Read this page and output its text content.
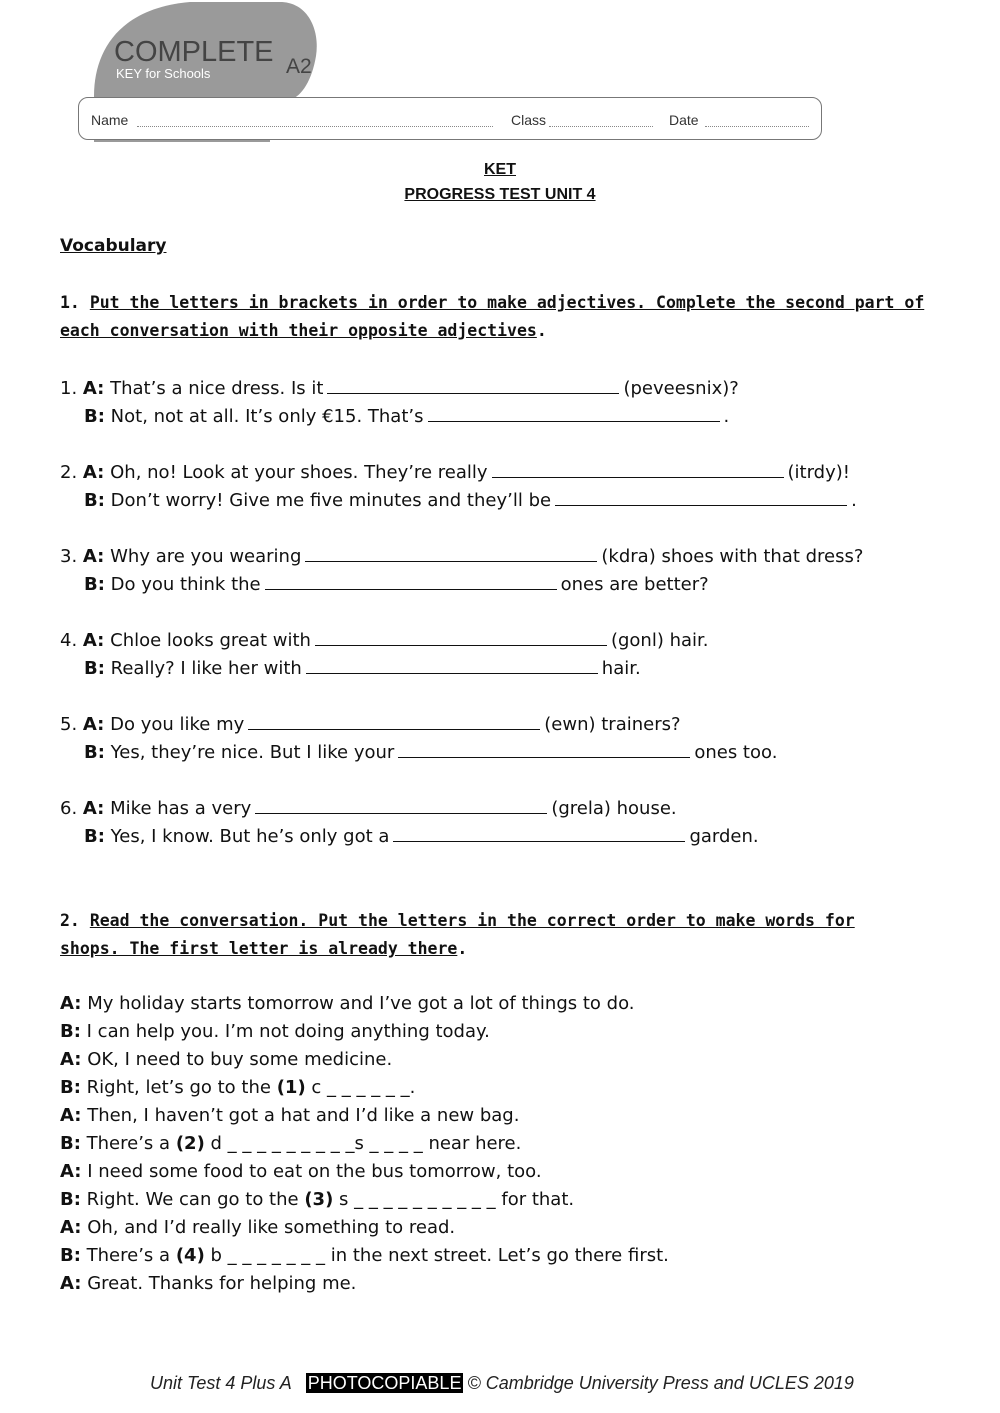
COMPLETE
KEY for Schools	A2
Name	Class	Date
KET
PROGRESS TEST UNIT 4
Vocabulary
1. Put the letters in brackets in order to make adjectives. Complete the second part of
each conversation with their opposite adjectives.
1. A: That’s a nice dress. Is it	(peveesnix)?
B: Not, not at all. It’s only €15. That’s	.
2. A: Oh, no! Look at your shoes. They’re really	(itrdy)!
B: Don’t worry! Give me five minutes and they’ll be	.
3. A: Why are you wearing	(kdra) shoes with that dress?
B: Do you think the	ones are better?
4. A: Chloe looks great with	(gonl) hair.
B: Really? I like her with	hair.
5. A: Do you like my	(ewn) trainers?
B: Yes, they’re nice. But I like your	ones too.
6. A: Mike has a very	(grela) house.
B: Yes, I know. But he’s only got a	garden.
2. Read the conversation. Put the letters in the correct order to make words for
shops. The first letter is already there.
A: My holiday starts tomorrow and I’ve got a lot of things to do.
B: I can help you. I’m not doing anything today.
A: OK, I need to buy some medicine.
B: Right, let’s go to the (1) c _ _ _ _ _ _.
A: Then, I haven’t got a hat and I’d like a new bag.
B: There’s a (2) d _ _ _ _ _ _ _ _ _s _ _ _ _ near here.
A: I need some food to eat on the bus tomorrow, too.
B: Right. We can go to the (3) s _ _ _ _ _ _ _ _ _ _ for that.
A: Oh, and I’d really like something to read.
B: There’s a (4) b _ _ _ _ _ _ _ in the next street. Let’s go there first.
A: Great. Thanks for helping me.
Unit Test 4 Plus A PHOTOCOPIABLE © Cambridge University Press and UCLES 2019
